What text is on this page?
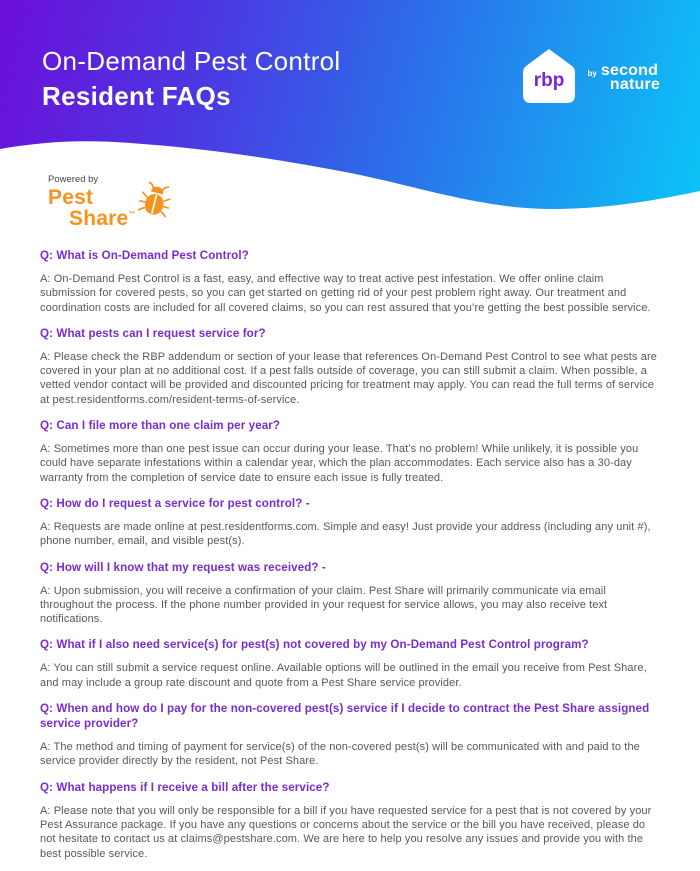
On-Demand Pest Control
Resident FAQs
rbp	by second
nature
Powered by
Pest
Share ™
Q: What is On-Demand Pest Control?
A: On-Demand Pest Control is a fast, easy, and effective way to treat active pest infestation. We offer online claim submission for covered pests, so you can get started on getting rid of your pest problem right away. Our treatment and coordination costs are included for all covered claims, so you can rest assured that you’re getting the best possible service.
Q: What pests can I request service for?
A: Please check the RBP addendum or section of your lease that references On-Demand Pest Control to see what pests are covered in your plan at no additional cost. If a pest falls outside of coverage, you can still submit a claim. When possible, a vetted vendor contact will be provided and discounted pricing for treatment may apply. You can read the full terms of service at pest.residentforms.com/resident-terms-of-service.
Q: Can I file more than one claim per year?
A: Sometimes more than one pest issue can occur during your lease. That’s no problem! While unlikely, it is possible you could have separate infestations within a calendar year, which the plan accommodates. Each service also has a 30-day warranty from the completion of service date to ensure each issue is fully treated.
Q: How do I request a service for pest control? -
A: Requests are made online at pest.residentforms.com. Simple and easy! Just provide your address (including any unit #), phone number, email, and visible pest(s).
Q: How will I know that my request was received? -
A: Upon submission, you will receive a confirmation of your claim. Pest Share will primarily communicate via email throughout the process. If the phone number provided in your request for service allows, you may also receive text notifications.
Q: What if I also need service(s) for pest(s) not covered by my On-Demand Pest Control program?
A: You can still submit a service request online. Available options will be outlined in the email you receive from Pest Share, and may include a group rate discount and quote from a Pest Share service provider.
Q: When and how do I pay for the non-covered pest(s) service if I decide to contract the Pest Share assigned service provider?
A: The method and timing of payment for service(s) of the non-covered pest(s) will be communicated with and paid to the service provider directly by the resident, not Pest Share.
Q: What happens if I receive a bill after the service?
A: Please note that you will only be responsible for a bill if you have requested service for a pest that is not covered by your Pest Assurance package. If you have any questions or concerns about the service or the bill you have received, please do not hesitate to contact us at claims@pestshare.com. We are here to help you resolve any issues and provide you with the best possible service.
